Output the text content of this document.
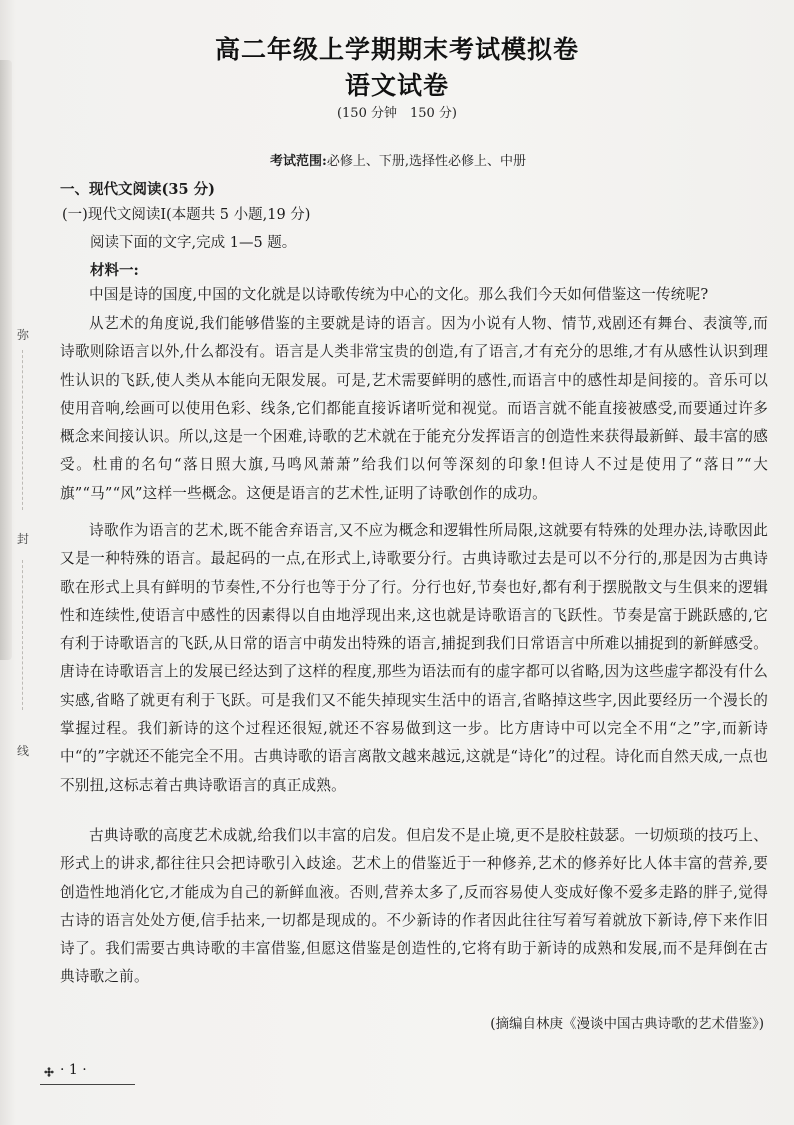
弥
封
线
高二年级上学期期末考试模拟卷
语文试卷
(150 分钟　150 分)
考试范围:必修上、下册,选择性必修上、中册
一、现代文阅读(35 分)
(一)现代文阅读Ⅰ(本题共 5 小题,19 分)
阅读下面的文字,完成 1—5 题。
材料一:
中国是诗的国度,中国的文化就是以诗歌传统为中心的文化。那么我们今天如何借鉴这一传统呢?
从艺术的角度说,我们能够借鉴的主要就是诗的语言。因为小说有人物、情节,戏剧还有舞台、表演等,而诗歌则除语言以外,什么都没有。语言是人类非常宝贵的创造,有了语言,才有充分的思维,才有从感性认识到理性认识的飞跃,使人类从本能向无限发展。可是,艺术需要鲜明的感性,而语言中的感性却是间接的。音乐可以使用音响,绘画可以使用色彩、线条,它们都能直接诉诸听觉和视觉。而语言就不能直接被感受,而要通过许多概念来间接认识。所以,这是一个困难,诗歌的艺术就在于能充分发挥语言的创造性来获得最新鲜、最丰富的感受。杜甫的名句“落日照大旗,马鸣风萧萧”给我们以何等深刻的印象!但诗人不过是使用了“落日”“大旗”“马”“风”这样一些概念。这便是语言的艺术性,证明了诗歌创作的成功。
诗歌作为语言的艺术,既不能舍弃语言,又不应为概念和逻辑性所局限,这就要有特殊的处理办法,诗歌因此又是一种特殊的语言。最起码的一点,在形式上,诗歌要分行。古典诗歌过去是可以不分行的,那是因为古典诗歌在形式上具有鲜明的节奏性,不分行也等于分了行。分行也好,节奏也好,都有利于摆脱散文与生俱来的逻辑性和连续性,使语言中感性的因素得以自由地浮现出来,这也就是诗歌语言的飞跃性。节奏是富于跳跃感的,它有利于诗歌语言的飞跃,从日常的语言中萌发出特殊的语言,捕捉到我们日常语言中所难以捕捉到的新鲜感受。唐诗在诗歌语言上的发展已经达到了这样的程度,那些为语法而有的虚字都可以省略,因为这些虚字都没有什么实感,省略了就更有利于飞跃。可是我们又不能失掉现实生活中的语言,省略掉这些字,因此要经历一个漫长的掌握过程。我们新诗的这个过程还很短,就还不容易做到这一步。比方唐诗中可以完全不用“之”字,而新诗中“的”字就还不能完全不用。古典诗歌的语言离散文越来越远,这就是“诗化”的过程。诗化而自然天成,一点也不别扭,这标志着古典诗歌语言的真正成熟。
古典诗歌的高度艺术成就,给我们以丰富的启发。但启发不是止境,更不是胶柱鼓瑟。一切烦琐的技巧上、形式上的讲求,都往往只会把诗歌引入歧途。艺术上的借鉴近于一种修养,艺术的修养好比人体丰富的营养,要创造性地消化它,才能成为自己的新鲜血液。否则,营养太多了,反而容易使人变成好像不爱多走路的胖子,觉得古诗的语言处处方便,信手拈来,一切都是现成的。不少新诗的作者因此往往写着写着就放下新诗,停下来作旧诗了。我们需要古典诗歌的丰富借鉴,但愿这借鉴是创造性的,它将有助于新诗的成熟和发展,而不是拜倒在古典诗歌之前。
(摘编自林庚《漫谈中国古典诗歌的艺术借鉴》)
· 1 ·
